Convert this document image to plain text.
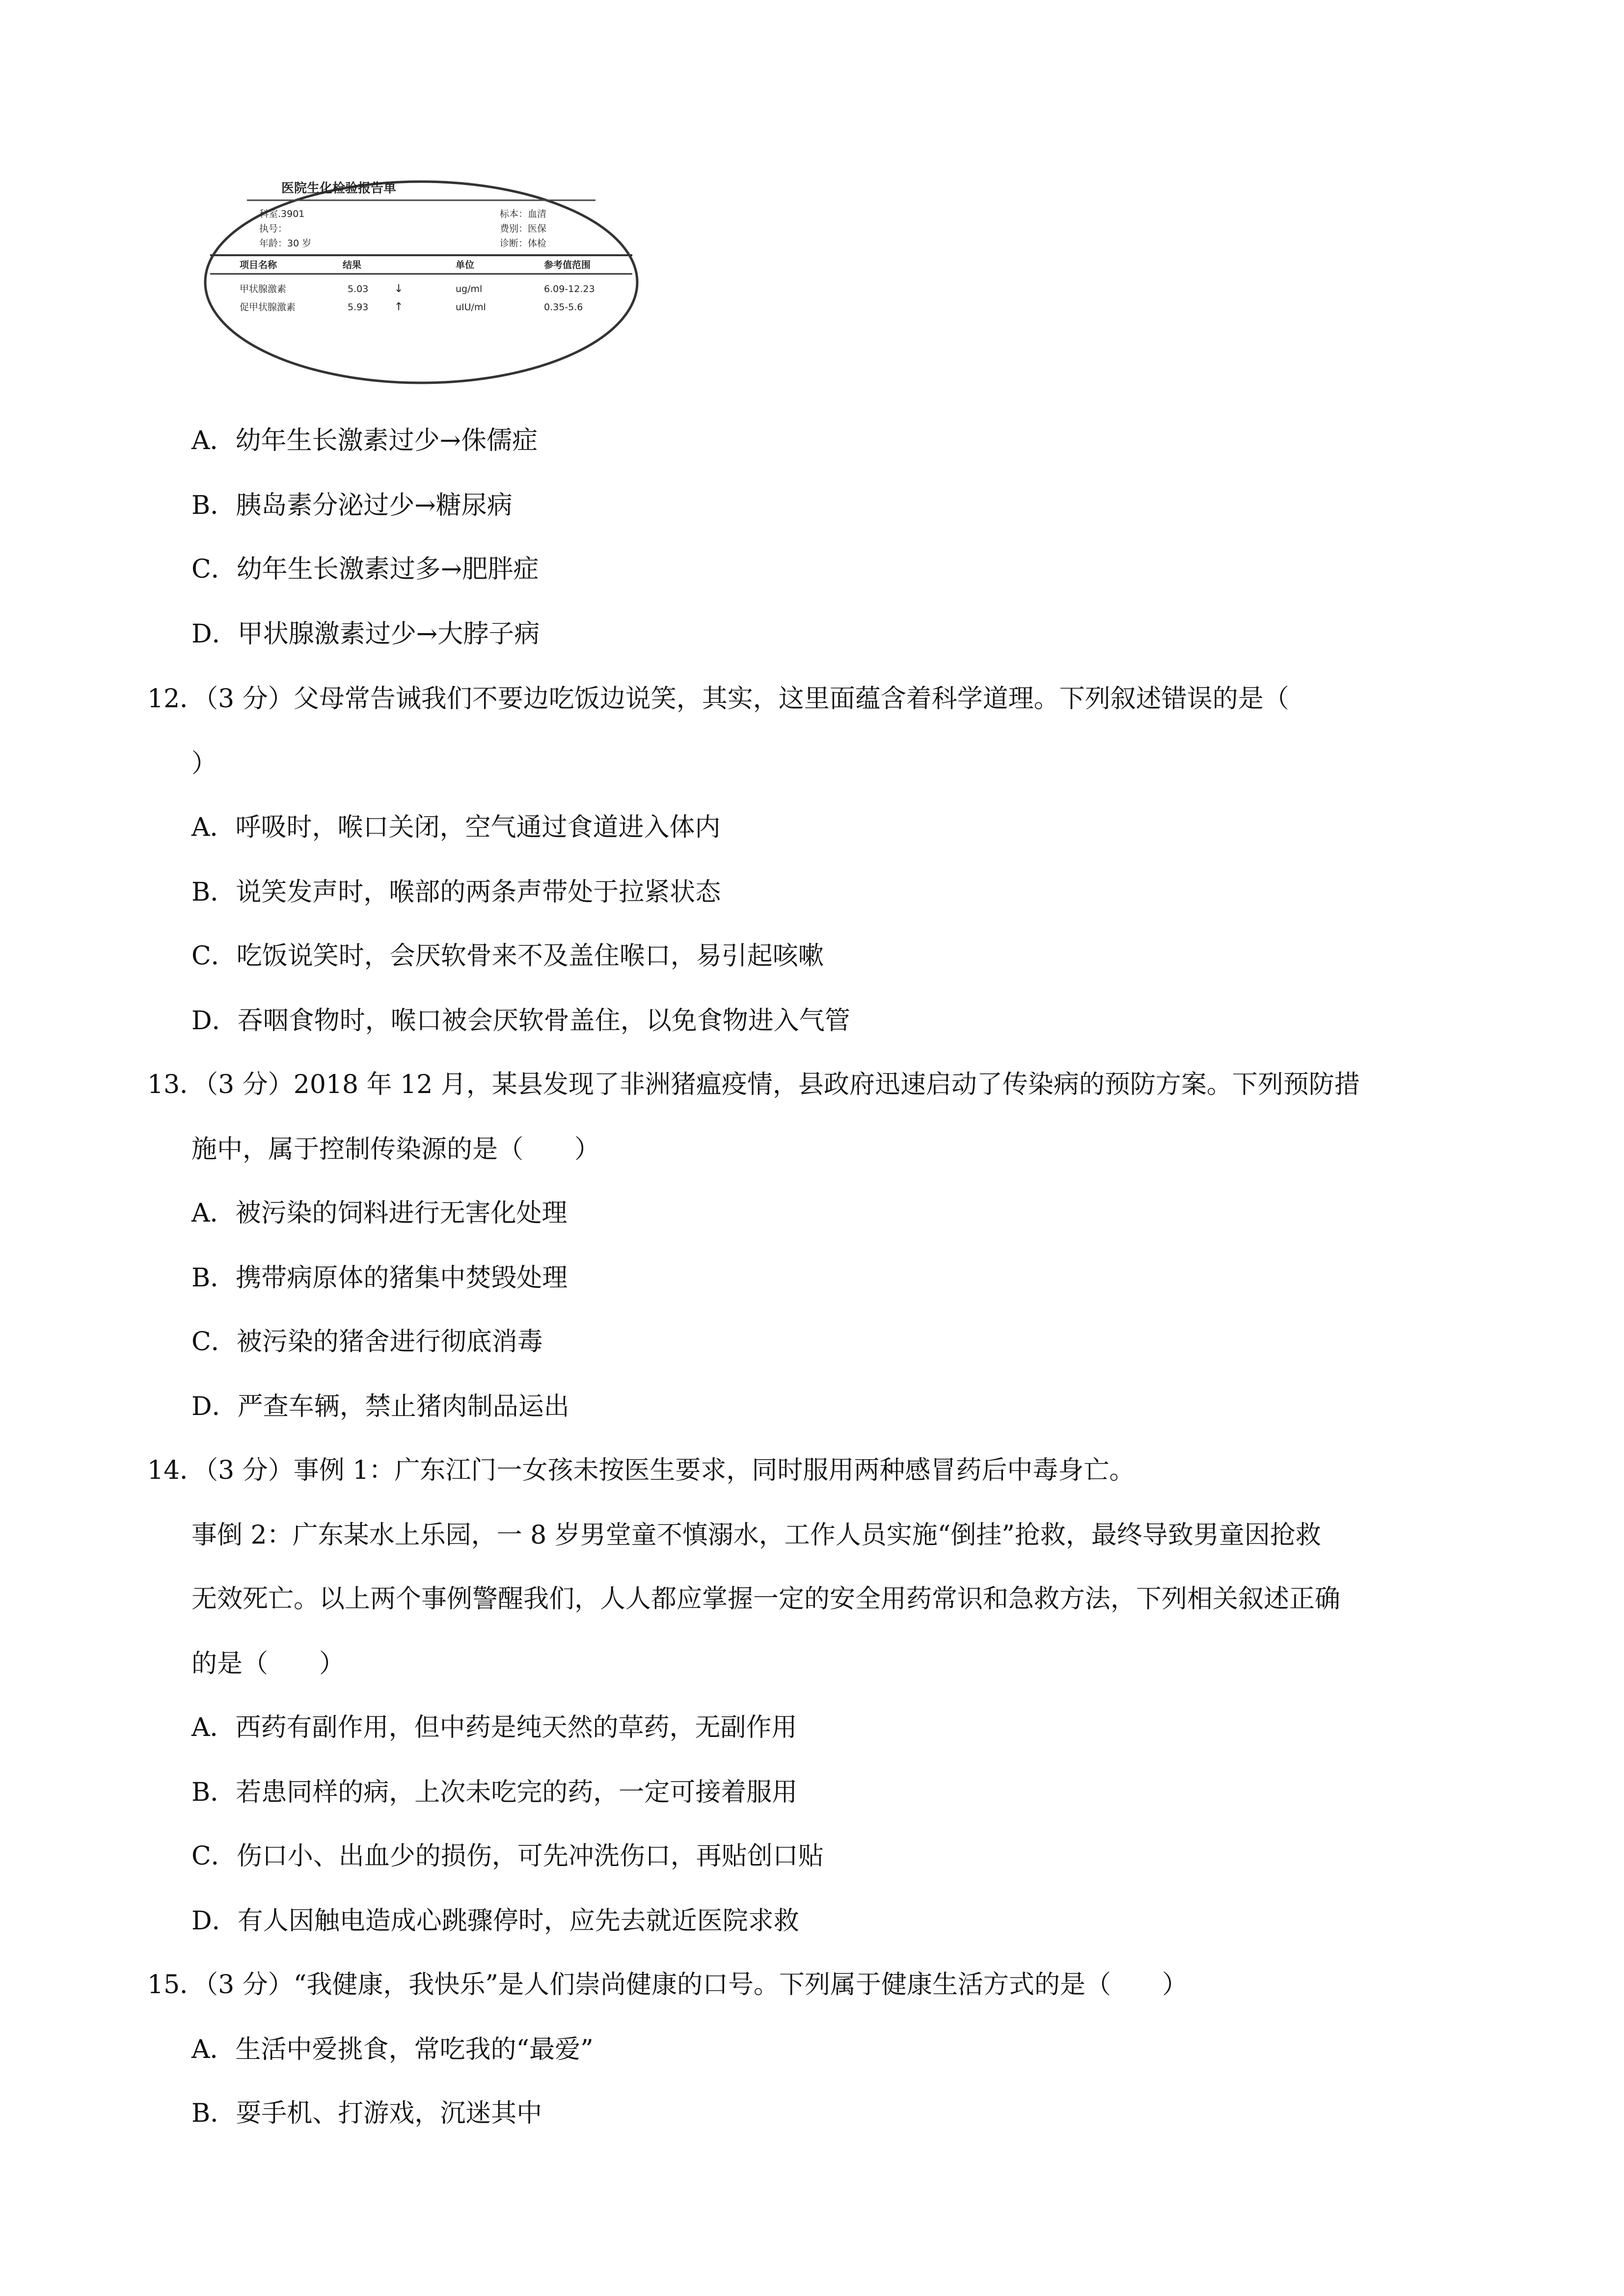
医院生化检验报告单
科室.3901
执号：
年龄：30 岁
标本：血清
费别：医保
诊断：体检
项目名称	结果	单位	参考值范围
甲状腺激素	5.03 ↓	ug/ml	6.09-12.23
促甲状腺激素	5.93 ↑	uIU/ml	0.35-5.6
A．幼年生长激素过少→侏儒症
B．胰岛素分泌过少→糖尿病
C．幼年生长激素过多→肥胖症
D．甲状腺激素过少→大脖子病
12．（3 分）父母常告诫我们不要边吃饭边说笑，其实，这里面蕴含着科学道理。下列叙述错误的是（
）
A．呼吸时，喉口关闭，空气通过食道进入体内
B．说笑发声时，喉部的两条声带处于拉紧状态
C．吃饭说笑时，会厌软骨来不及盖住喉口，易引起咳嗽
D．吞咽食物时，喉口被会厌软骨盖住，以免食物进入气管
13．（3 分）2018 年 12 月，某县发现了非洲猪瘟疫情，县政府迅速启动了传染病的预防方案。下列预防措
施中，属于控制传染源的是（　　）
A．被污染的饲料进行无害化处理
B．携带病原体的猪集中焚毁处理
C．被污染的猪舍进行彻底消毒
D．严查车辆，禁止猪肉制品运出
14．（3 分）事例 1：广东江门一女孩未按医生要求，同时服用两种感冒药后中毒身亡。
事倒 2：广东某水上乐园，一 8 岁男堂童不慎溺水，工作人员实施“倒挂”抢救，最终导致男童因抢救
无效死亡。以上两个事例警醒我们，人人都应掌握一定的安全用药常识和急救方法，下列相关叙述正确
的是（　　）
A．西药有副作用，但中药是纯天然的草药，无副作用
B．若患同样的病，上次未吃完的药，一定可接着服用
C．伤口小、出血少的损伤，可先冲洗伤口，再贴创口贴
D．有人因触电造成心跳骤停时，应先去就近医院求救
15．（3 分）“我健康，我快乐”是人们崇尚健康的口号。下列属于健康生活方式的是（　　）
A．生活中爱挑食，常吃我的“最爱”
B．耍手机、打游戏，沉迷其中
